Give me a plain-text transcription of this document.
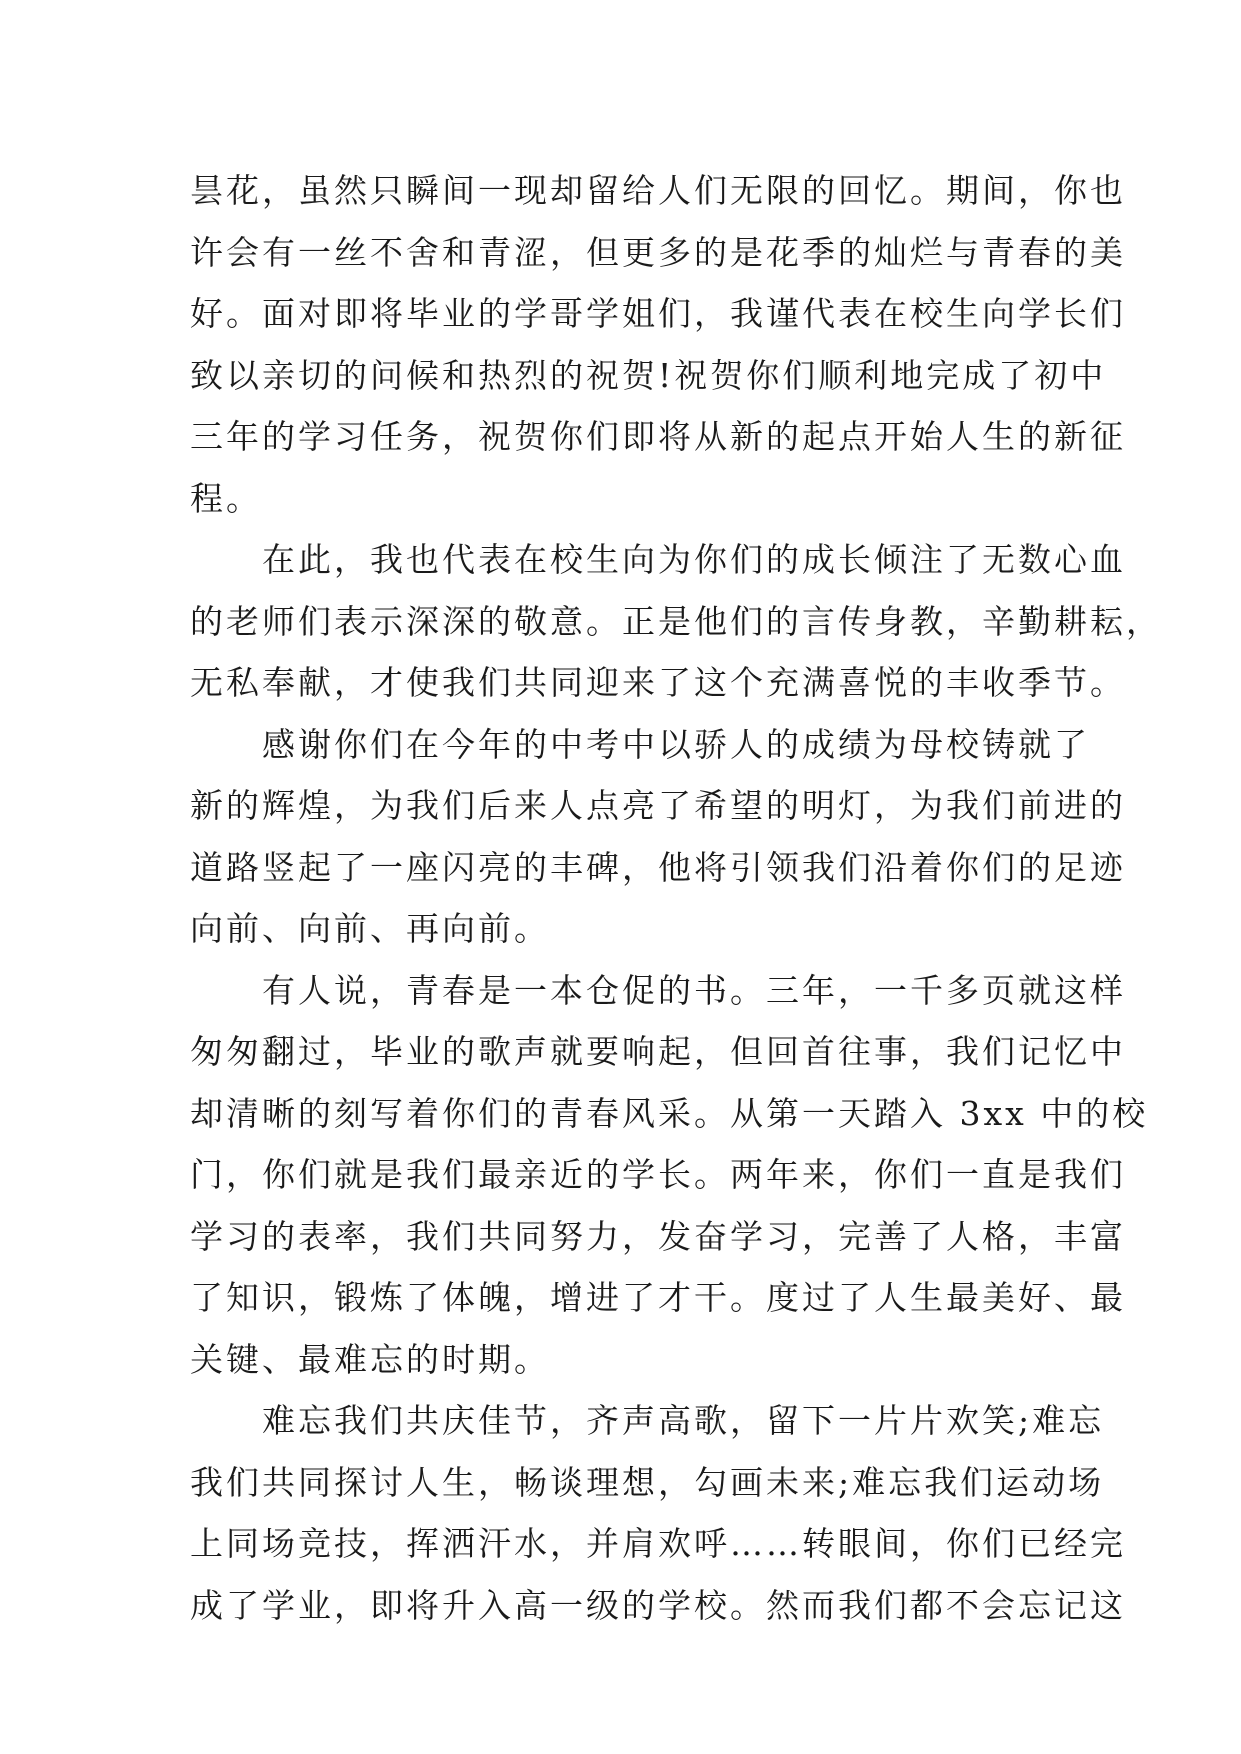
昙花，虽然只瞬间一现却留给人们无限的回忆。期间，你也
许会有一丝不舍和青涩，但更多的是花季的灿烂与青春的美
好。面对即将毕业的学哥学姐们，我谨代表在校生向学长们
致以亲切的问候和热烈的祝贺!祝贺你们顺利地完成了初中
三年的学习任务，祝贺你们即将从新的起点开始人生的新征
程。
　　在此，我也代表在校生向为你们的成长倾注了无数心血
的老师们表示深深的敬意。正是他们的言传身教，辛勤耕耘，
无私奉献，才使我们共同迎来了这个充满喜悦的丰收季节。
　　感谢你们在今年的中考中以骄人的成绩为母校铸就了
新的辉煌，为我们后来人点亮了希望的明灯，为我们前进的
道路竖起了一座闪亮的丰碑，他将引领我们沿着你们的足迹
向前、向前、再向前。
　　有人说，青春是一本仓促的书。三年，一千多页就这样
匆匆翻过，毕业的歌声就要响起，但回首往事，我们记忆中
却清晰的刻写着你们的青春风采。从第一天踏入 3xx 中的校
门，你们就是我们最亲近的学长。两年来，你们一直是我们
学习的表率，我们共同努力，发奋学习，完善了人格，丰富
了知识，锻炼了体魄，增进了才干。度过了人生最美好、最
关键、最难忘的时期。
　　难忘我们共庆佳节，齐声高歌，留下一片片欢笑;难忘
我们共同探讨人生，畅谈理想，勾画未来;难忘我们运动场
上同场竞技，挥洒汗水，并肩欢呼……转眼间，你们已经完
成了学业，即将升入高一级的学校。然而我们都不会忘记这
